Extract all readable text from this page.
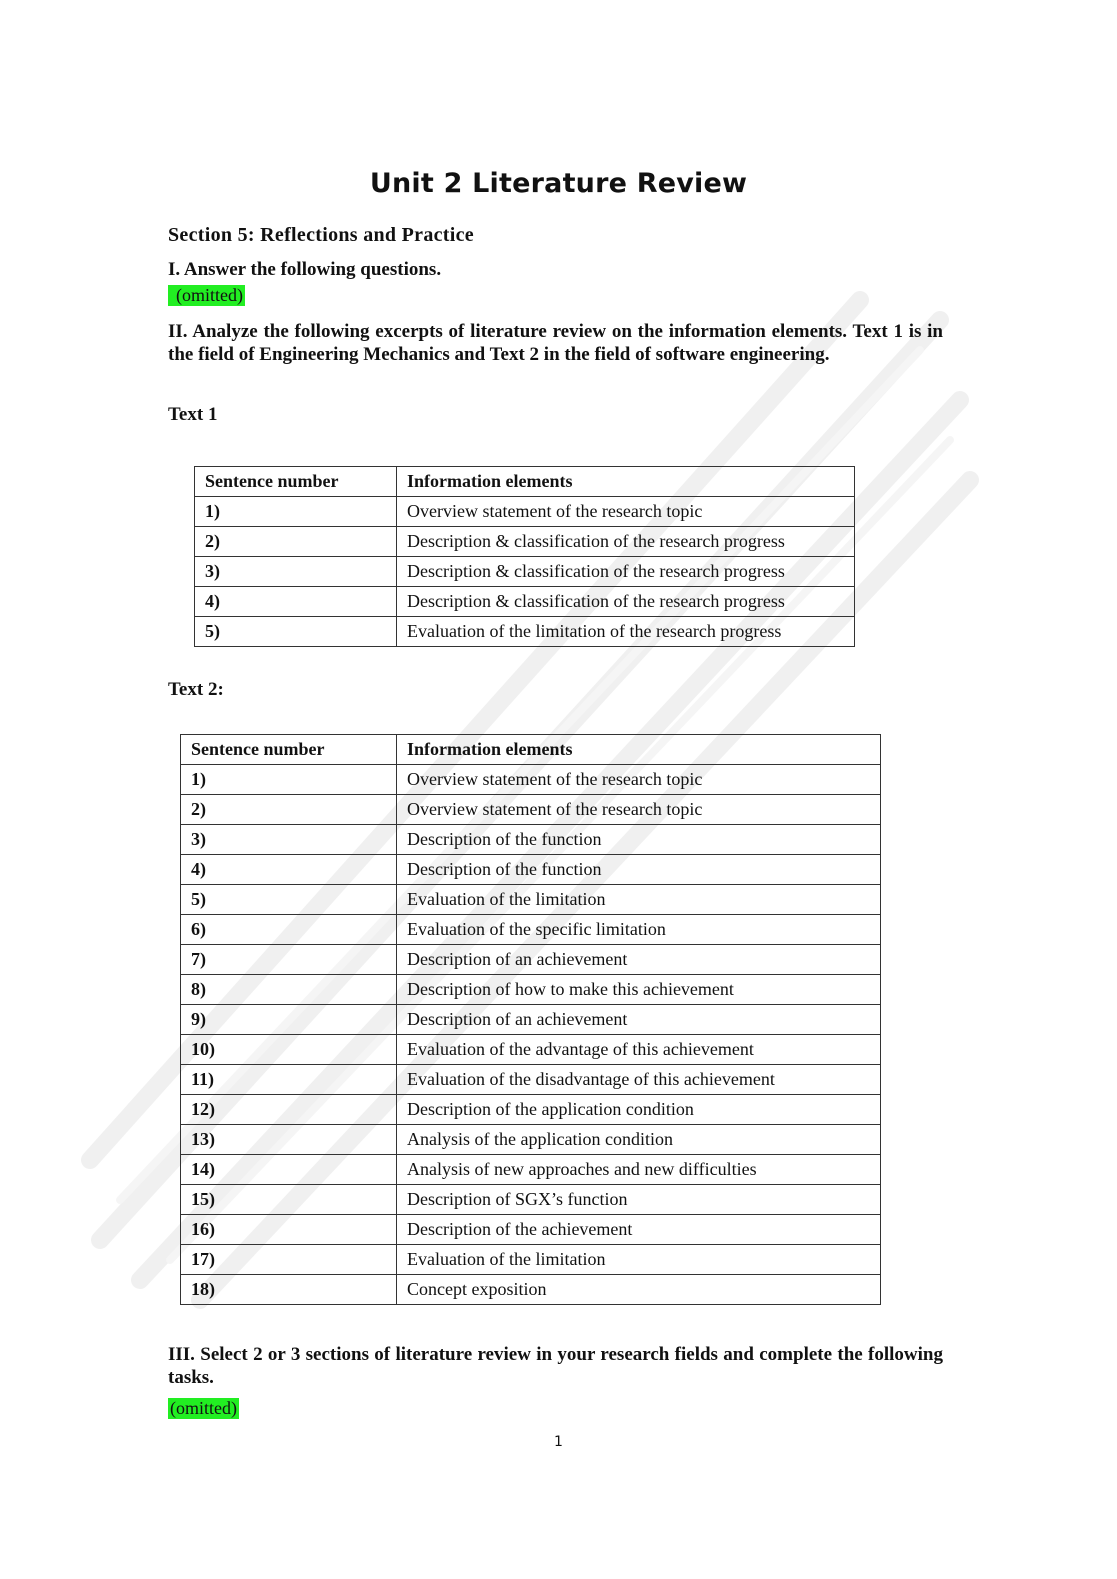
Unit 2 Literature Review
Section 5: Reflections and Practice
I. Answer the following questions.
(omitted)
II. Analyze the following excerpts of literature review on the information elements. Text 1 is in the field of Engineering Mechanics and Text 2 in the field of software engineering.
Text 1
Sentence number	Information elements
1)	Overview statement of the research topic
2)	Description & classification of the research progress
3)	Description & classification of the research progress
4)	Description & classification of the research progress
5)	Evaluation of the limitation of the research progress
Text 2:
Sentence number	Information elements
1)	Overview statement of the research topic
2)	Overview statement of the research topic
3)	Description of the function
4)	Description of the function
5)	Evaluation of the limitation
6)	Evaluation of the specific limitation
7)	Description of an achievement
8)	Description of how to make this achievement
9)	Description of an achievement
10)	Evaluation of the advantage of this achievement
11)	Evaluation of the disadvantage of this achievement
12)	Description of the application condition
13)	Analysis of the application condition
14)	Analysis of new approaches and new difficulties
15)	Description of SGX’s function
16)	Description of the achievement
17)	Evaluation of the limitation
18)	Concept exposition
III. Select 2 or 3 sections of literature review in your research fields and complete the following tasks.
(omitted)
1
